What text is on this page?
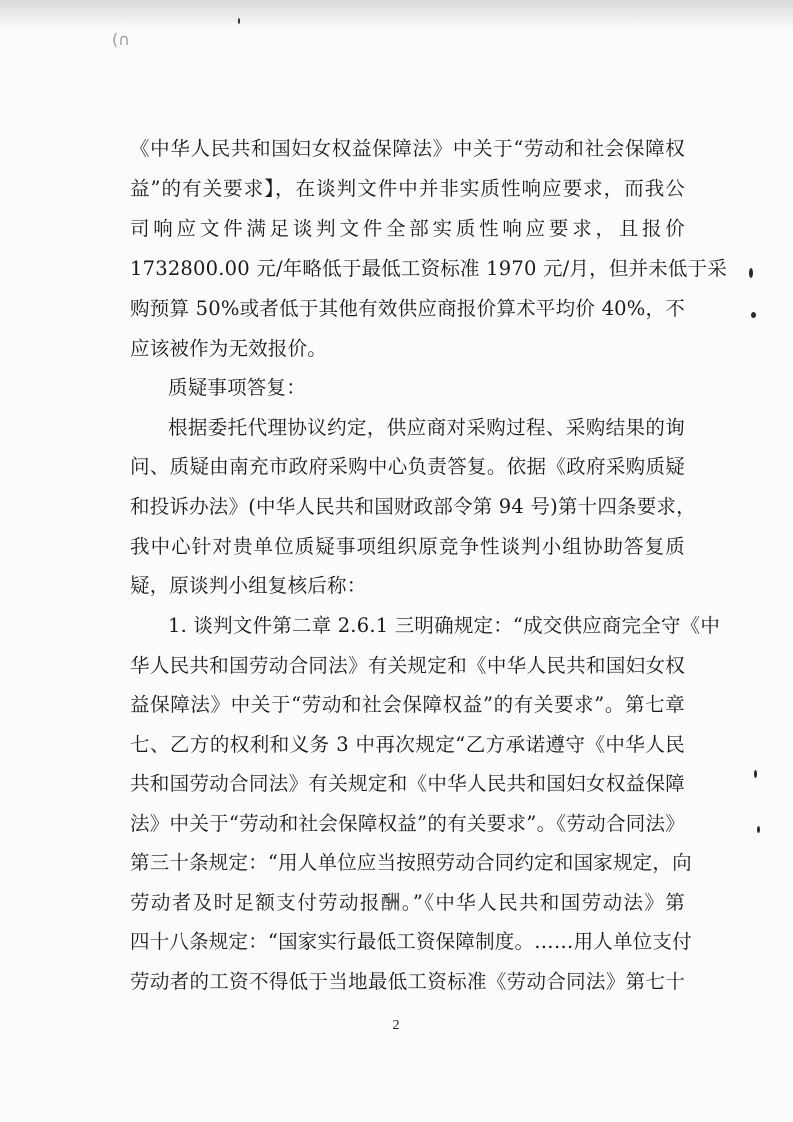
(∩
《中华人民共和国妇女权益保障法》中关于“劳动和社会保障权
益”的有关要求】，在谈判文件中并非实质性响应要求，而我公
司响应文件满足谈判文件全部实质性响应要求，且报价
1732800.00 元/年略低于最低工资标准 1970 元/月，但并未低于采
购预算 50%或者低于其他有效供应商报价算术平均价 40%，不
应该被作为无效报价。
质疑事项答复：
根据委托代理协议约定，供应商对采购过程、采购结果的询
问、质疑由南充市政府采购中心负责答复。依据《政府采购质疑
和投诉办法》(中华人民共和国财政部令第 94 号)第十四条要求，
我中心针对贵单位质疑事项组织原竞争性谈判小组协助答复质
疑，原谈判小组复核后称：
1. 谈判文件第二章 2.6.1 三明确规定：“成交供应商完全守《中
华人民共和国劳动合同法》有关规定和《中华人民共和国妇女权
益保障法》中关于“劳动和社会保障权益”的有关要求”。第七章
七、乙方的权利和义务 3 中再次规定“乙方承诺遵守《中华人民
共和国劳动合同法》有关规定和《中华人民共和国妇女权益保障
法》中关于“劳动和社会保障权益”的有关要求”。《劳动合同法》
第三十条规定：“用人单位应当按照劳动合同约定和国家规定，向
劳动者及时足额支付劳动报酬。”《中华人民共和国劳动法》第
四十八条规定：“国家实行最低工资保障制度。……用人单位支付
劳动者的工资不得低于当地最低工资标准《劳动合同法》第七十
2
